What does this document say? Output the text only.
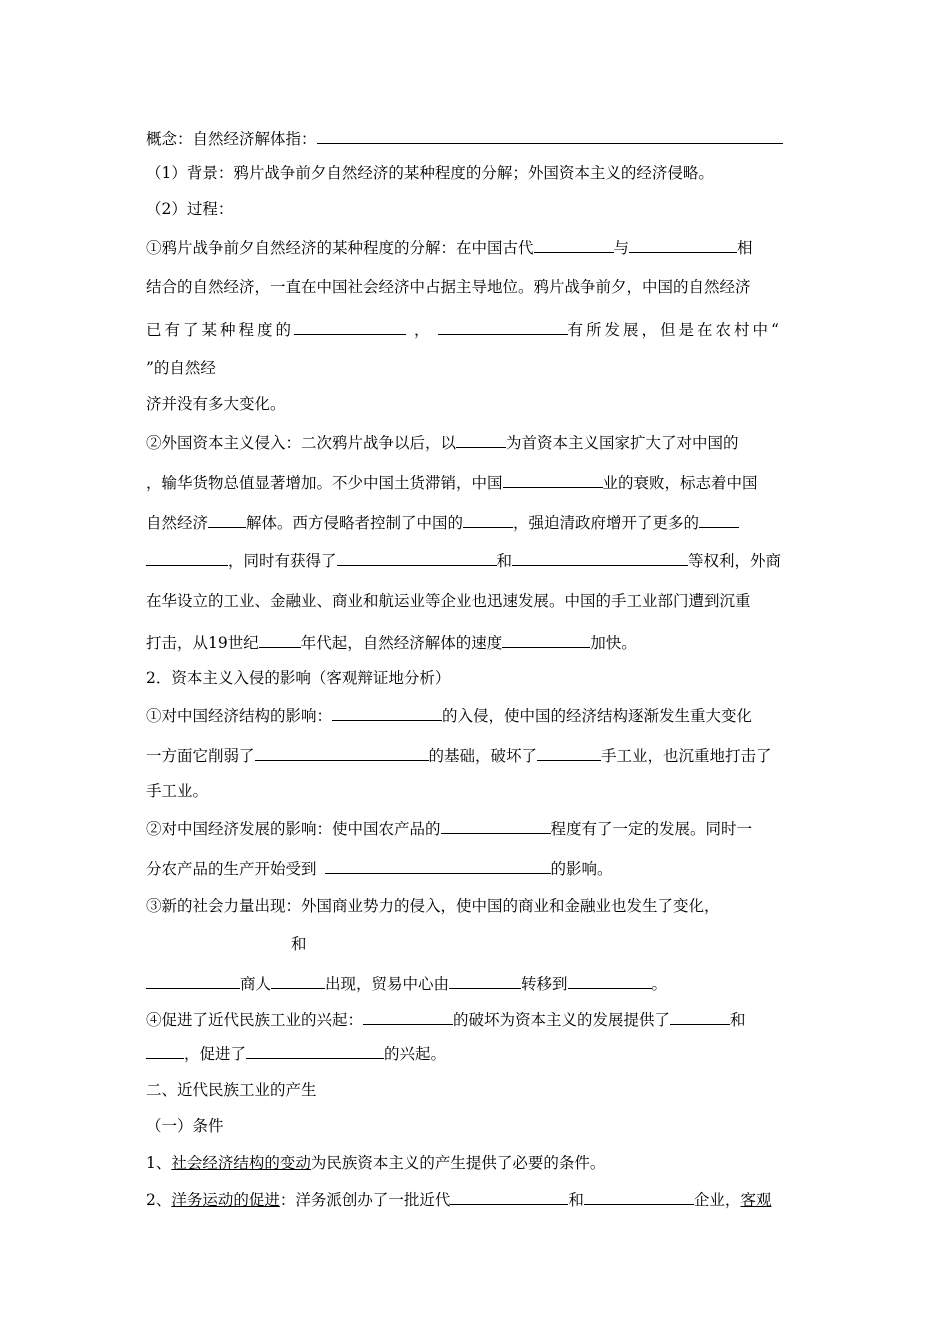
概念：自然经济解体指：
（1）背景：鸦片战争前夕自然经济的某种程度的分解；外国资本主义的经济侵略。
（2）过程：
①鸦片战争前夕自然经济的某种程度的分解：在中国古代	与	相
结合的自然经济，一直在中国社会经济中占据主导地位。鸦片战争前夕，中国的自然经济
已有了某种程度的	，	有所发展，但是在农村中“
”的自然经
济并没有多大变化。
②外国资本主义侵入：二次鸦片战争以后，以	为首资本主义国家扩大了对中国的
，输华货物总值显著增加。不少中国土货滞销，中国	业的衰败，标志着中国
自然经济 解体。西方侵略者控制了中国的	，强迫清政府增开了更多的
，同时有获得了	和	等权利，外商
在华设立的工业、金融业、商业和航运业等企业也迅速发展。中国的手工业部门遭到沉重
打击，从19世纪	年代起，自然经济解体的速度	加快。
2．资本主义入侵的影响（客观辩证地分析）
①对中国经济结构的影响：	的入侵，使中国的经济结构逐渐发生重大变化
一方面它削弱了	的基础，破坏了	手工业，也沉重地打击了
手工业。
②对中国经济发展的影响：使中国农产品的	程度有了一定的发展。同时一
分农产品的生产开始受到	的影响。
③新的社会力量出现：外国商业势力的侵入，使中国的商业和金融业也发生了变化，
和
商人	出现，贸易中心由	转移到	。
④促进了近代民族工业的兴起：	的破坏为资本主义的发展提供了	和
，促进了	的兴起。
二、近代民族工业的产生
（一）条件
1、社会经济结构的变动为民族资本主义的产生提供了必要的条件。
2、洋务运动的促进：洋务派创办了一批近代	和	企业，客观
